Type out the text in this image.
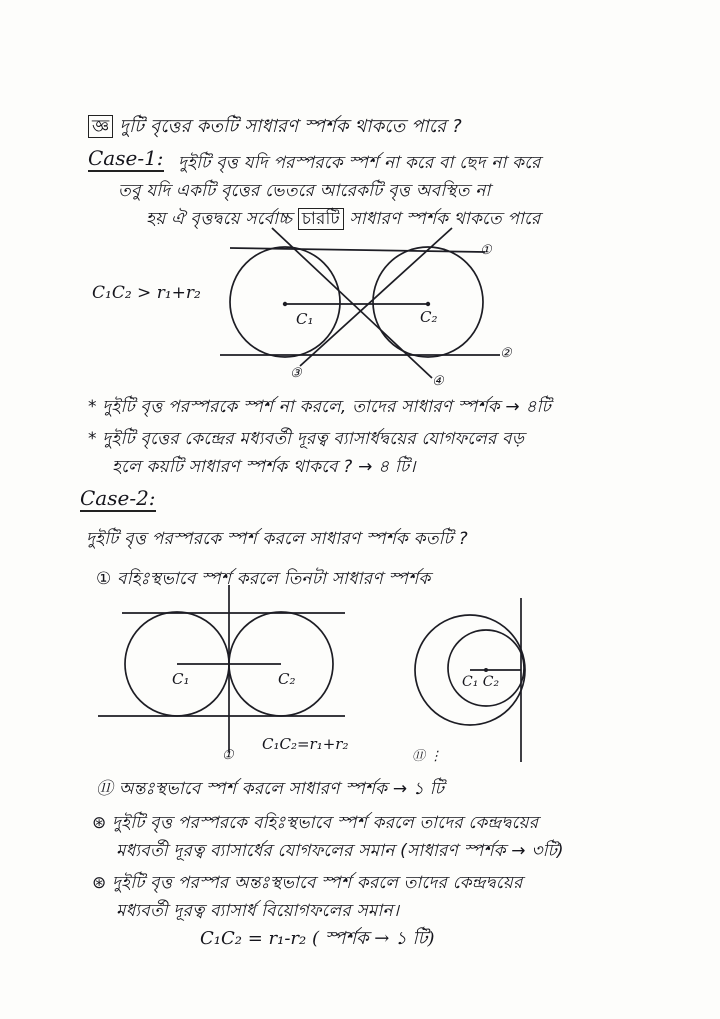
জ্ঞ দুটি বৃত্তের কতটি সাধারণ স্পর্শক থাকতে পারে ?
Case-1: দুইটি বৃত্ত যদি পরস্পরকে স্পর্শ না করে বা ছেদ না করে
তবু যদি একটি বৃত্তের ভেতরে আরেকটি বৃত্ত অবস্থিত না
হয় ঐ বৃত্তদ্বয়ে সর্বোচ্চ চারটি সাধারণ স্পর্শক থাকতে পারে
C₁C₂ > r₁+r₂
C₁	C₂
①
②
③
④
* দুইটি বৃত্ত পরস্পরকে স্পর্শ না করলে, তাদের সাধারণ স্পর্শক → ৪টি
* দুইটি বৃত্তের কেন্দ্রের মধ্যবর্তী দূরত্ব ব্যাসার্ধদ্বয়ের যোগফলের বড়
হলে কয়টি সাধারণ স্পর্শক থাকবে ? → ৪ টি।
Case-2:
দুইটি বৃত্ত পরস্পরকে স্পর্শ করলে সাধারণ স্পর্শক কতটি ?
① বহিঃস্থভাবে স্পর্শ করলে তিনটা সাধারণ স্পর্শক
C₁	C₂
①
C₁C₂=r₁+r₂
C₁ C₂
⑪ ⋮
⑪ অন্তঃস্থভাবে স্পর্শ করলে সাধারণ স্পর্শক → ১ টি
⊛ দুইটি বৃত্ত পরস্পরকে বহিঃস্থভাবে স্পর্শ করলে তাদের কেন্দ্রদ্বয়ের
মধ্যবর্তী দূরত্ব ব্যাসার্ধের যোগফলের সমান (সাধারণ স্পর্শক → ৩টি)
⊛ দুইটি বৃত্ত পরস্পর অন্তঃস্থভাবে স্পর্শ করলে তাদের কেন্দ্রদ্বয়ের
মধ্যবর্তী দূরত্ব ব্যাসার্ধ বিয়োগফলের সমান।
C₁C₂ = r₁-r₂ ( স্পর্শক → ১ টি)
